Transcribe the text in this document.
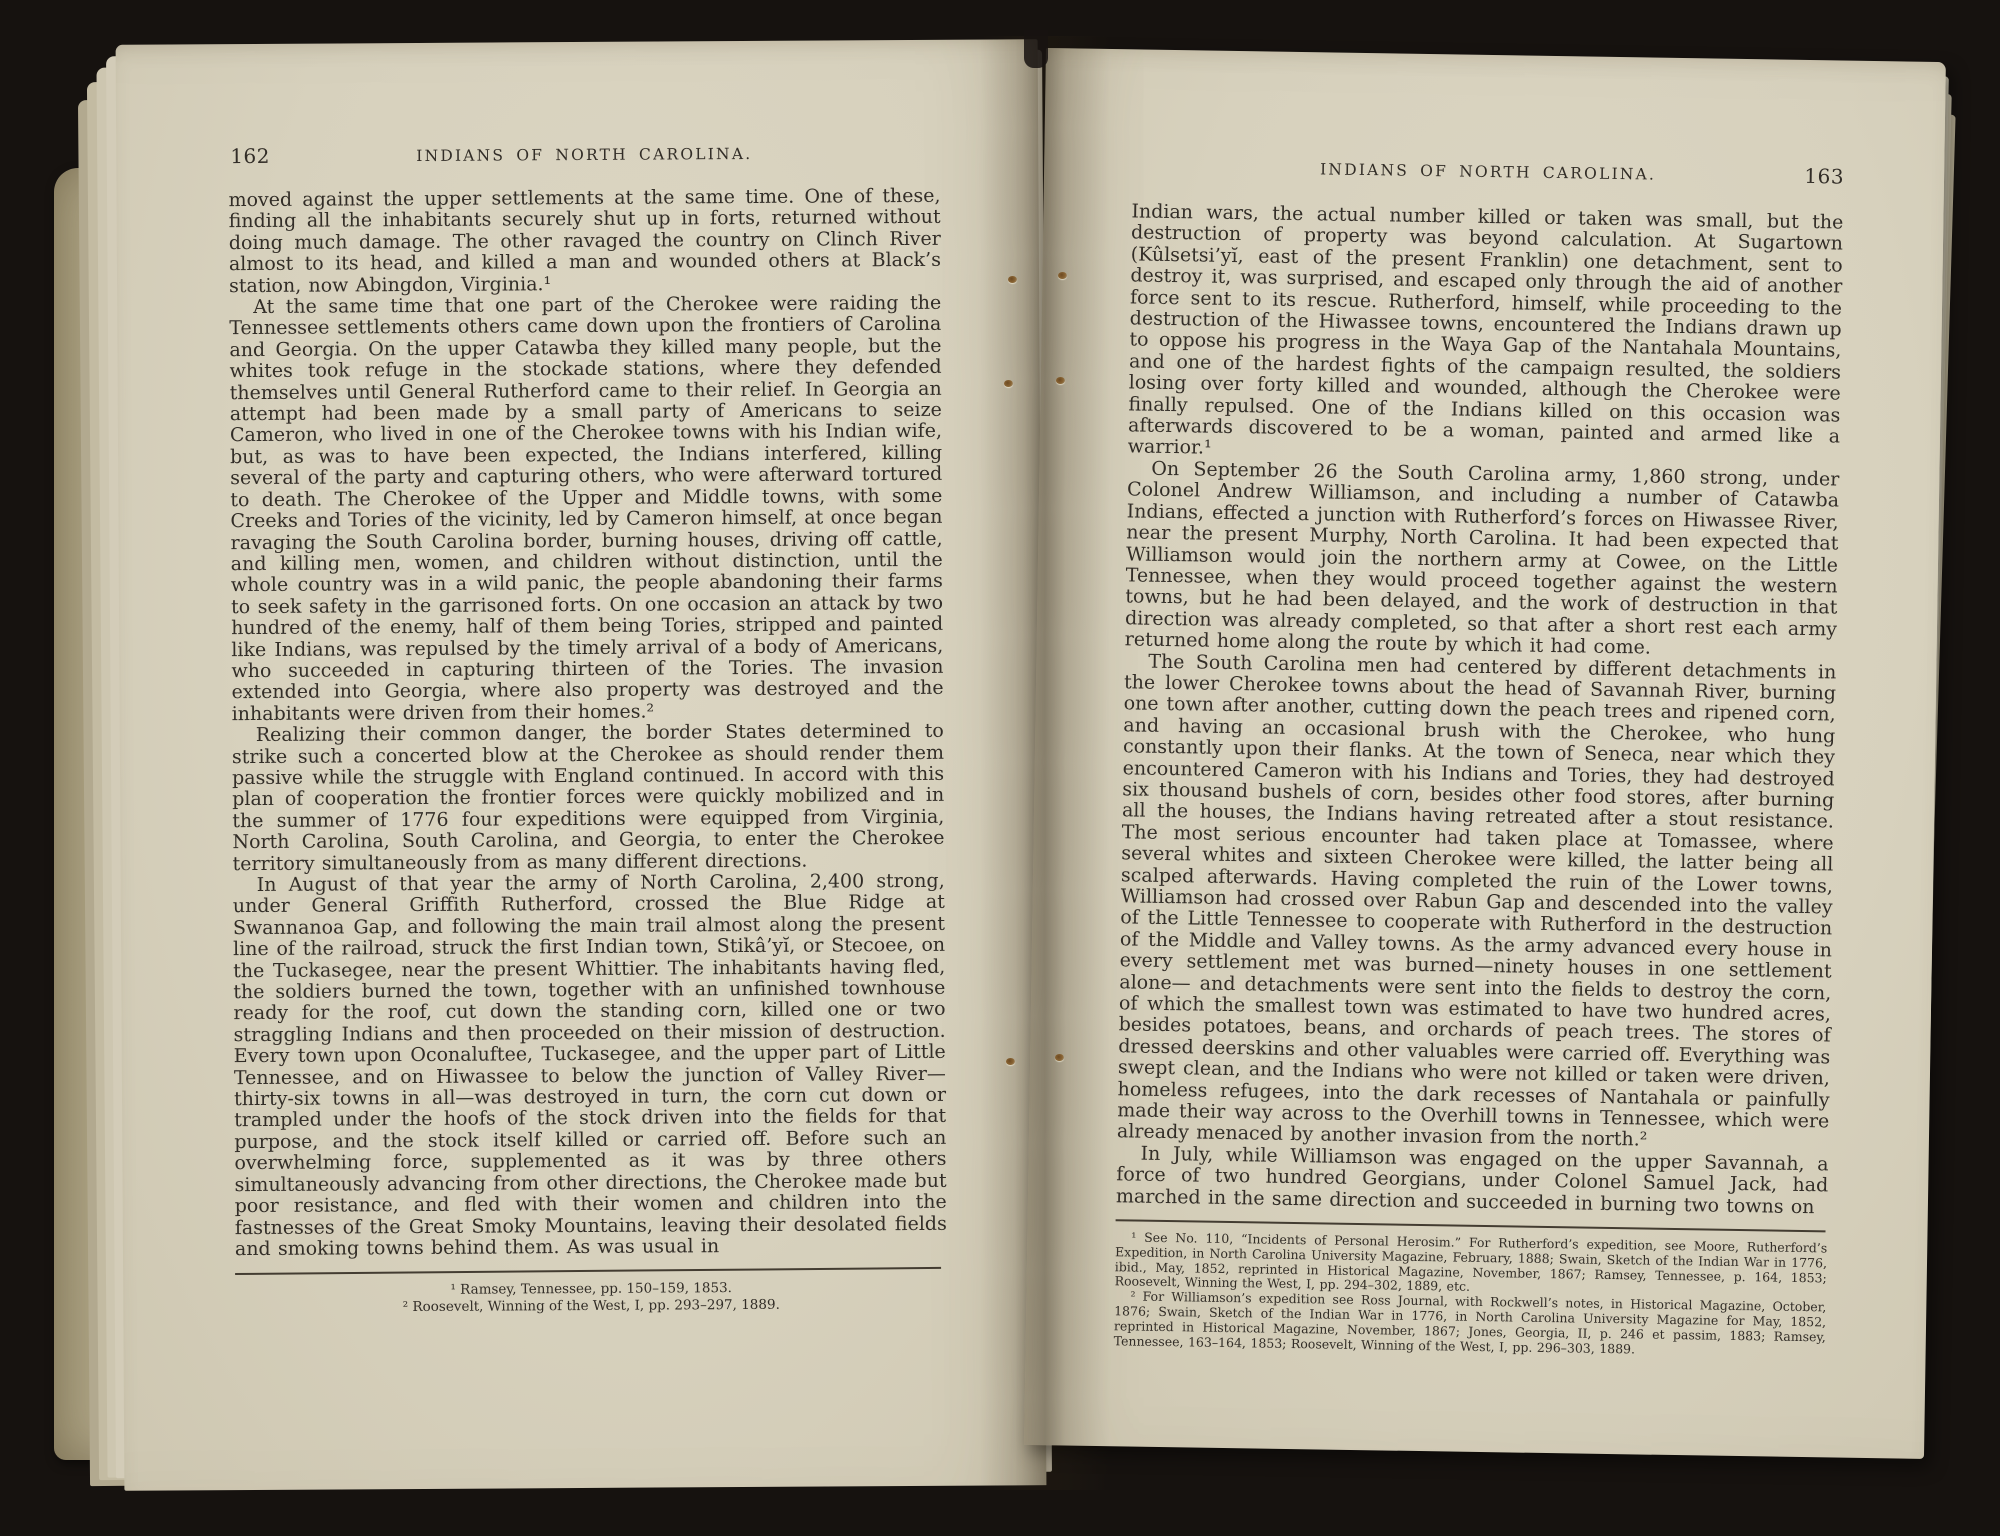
162	INDIANS OF NORTH CAROLINA.

moved against the upper settlements at the same time. One of these, finding all the inhabitants securely shut up in forts, returned without doing much damage. The other ravaged the country on Clinch River almost to its head, and killed a man and wounded others at Black’s station, now Abingdon, Virginia.¹

At the same time that one part of the Cherokee were raiding the Tennessee settlements others came down upon the frontiers of Carolina and Georgia. On the upper Catawba they killed many people, but the whites took refuge in the stockade stations, where they defended themselves until General Rutherford came to their relief. In Georgia an attempt had been made by a small party of Americans to seize Cameron, who lived in one of the Cherokee towns with his Indian wife, but, as was to have been expected, the Indians interfered, killing several of the party and capturing others, who were afterward tortured to death. The Cherokee of the Upper and Middle towns, with some Creeks and Tories of the vicinity, led by Cameron himself, at once began ravaging the South Carolina border, burning houses, driving off cattle, and killing men, women, and children without distinction, until the whole country was in a wild panic, the people abandoning their farms to seek safety in the garrisoned forts. On one occasion an attack by two hundred of the enemy, half of them being Tories, stripped and painted like Indians, was repulsed by the timely arrival of a body of Americans, who succeeded in capturing thirteen of the Tories. The invasion extended into Georgia, where also property was destroyed and the inhabitants were driven from their homes.²

Realizing their common danger, the border States determined to strike such a concerted blow at the Cherokee as should render them passive while the struggle with England continued. In accord with this plan of cooperation the frontier forces were quickly mobilized and in the summer of 1776 four expeditions were equipped from Virginia, North Carolina, South Carolina, and Georgia, to enter the Cherokee territory simultaneously from as many different directions.

In August of that year the army of North Carolina, 2,400 strong, under General Griffith Rutherford, crossed the Blue Ridge at Swannanoa Gap, and following the main trail almost along the present line of the railroad, struck the first Indian town, Stikâ’yĭ, or Stecoee, on the Tuckasegee, near the present Whittier. The inhabitants having fled, the soldiers burned the town, together with an unfinished townhouse ready for the roof, cut down the standing corn, killed one or two straggling Indians and then proceeded on their mission of destruction. Every town upon Oconaluftee, Tuckasegee, and the upper part of Little Tennessee, and on Hiwassee to below the junction of Valley River—thirty-six towns in all—was destroyed in turn, the corn cut down or trampled under the hoofs of the stock driven into the fields for that purpose, and the stock itself killed or carried off. Before such an overwhelming force, supplemented as it was by three others simultaneously advancing from other directions, the Cherokee made but poor resistance, and fled with their women and children into the fastnesses of the Great Smoky Mountains, leaving their desolated fields and smoking towns behind them. As was usual in

¹ Ramsey, Tennessee, pp. 150–159, 1853.

² Roosevelt, Winning of the West, I, pp. 293–297, 1889.

INDIANS OF NORTH CAROLINA.	163

Indian wars, the actual number killed or taken was small, but the destruction of property was beyond calculation. At Sugartown (Kûlsetsi’yĭ, east of the present Franklin) one detachment, sent to destroy it, was surprised, and escaped only through the aid of another force sent to its rescue. Rutherford, himself, while proceeding to the destruction of the Hiwassee towns, encountered the Indians drawn up to oppose his progress in the Waya Gap of the Nantahala Mountains, and one of the hardest fights of the campaign resulted, the soldiers losing over forty killed and wounded, although the Cherokee were finally repulsed. One of the Indians killed on this occasion was afterwards discovered to be a woman, painted and armed like a warrior.¹

On September 26 the South Carolina army, 1,860 strong, under Colonel Andrew Williamson, and including a number of Catawba Indians, effected a junction with Rutherford’s forces on Hiwassee River, near the present Murphy, North Carolina. It had been expected that Williamson would join the northern army at Cowee, on the Little Tennessee, when they would proceed together against the western towns, but he had been delayed, and the work of destruction in that direction was already completed, so that after a short rest each army returned home along the route by which it had come.

The South Carolina men had centered by different detachments in the lower Cherokee towns about the head of Savannah River, burning one town after another, cutting down the peach trees and ripened corn, and having an occasional brush with the Cherokee, who hung constantly upon their flanks. At the town of Seneca, near which they encountered Cameron with his Indians and Tories, they had destroyed six thousand bushels of corn, besides other food stores, after burning all the houses, the Indians having retreated after a stout resistance. The most serious encounter had taken place at Tomassee, where several whites and sixteen Cherokee were killed, the latter being all scalped afterwards. Having completed the ruin of the Lower towns, Williamson had crossed over Rabun Gap and descended into the valley of the Little Tennessee to cooperate with Rutherford in the destruction of the Middle and Valley towns. As the army advanced every house in every settlement met was burned—ninety houses in one settlement alone— and detachments were sent into the fields to destroy the corn, of which the smallest town was estimated to have two hundred acres, besides potatoes, beans, and orchards of peach trees. The stores of dressed deerskins and other valuables were carried off. Everything was swept clean, and the Indians who were not killed or taken were driven, homeless refugees, into the dark recesses of Nantahala or painfully made their way across to the Overhill towns in Tennessee, which were already menaced by another invasion from the north.²

In July, while Williamson was engaged on the upper Savannah, a force of two hundred Georgians, under Colonel Samuel Jack, had marched in the same direction and succeeded in burning two towns on

¹ See No. 110, “Incidents of Personal Herosim.” For Rutherford’s expedition, see Moore, Rutherford’s Expedition, in North Carolina University Magazine, February, 1888; Swain, Sketch of the Indian War in 1776, ibid., May, 1852, reprinted in Historical Magazine, November, 1867; Ramsey, Tennessee, p. 164, 1853; Roosevelt, Winning the West, I, pp. 294–302, 1889, etc.

² For Williamson’s expedition see Ross Journal, with Rockwell’s notes, in Historical Magazine, October, 1876; Swain, Sketch of the Indian War in 1776, in North Carolina University Magazine for May, 1852, reprinted in Historical Magazine, November, 1867; Jones, Georgia, II, p. 246 et passim, 1883; Ramsey, Tennessee, 163–164, 1853; Roosevelt, Winning of the West, I, pp. 296–303, 1889.
